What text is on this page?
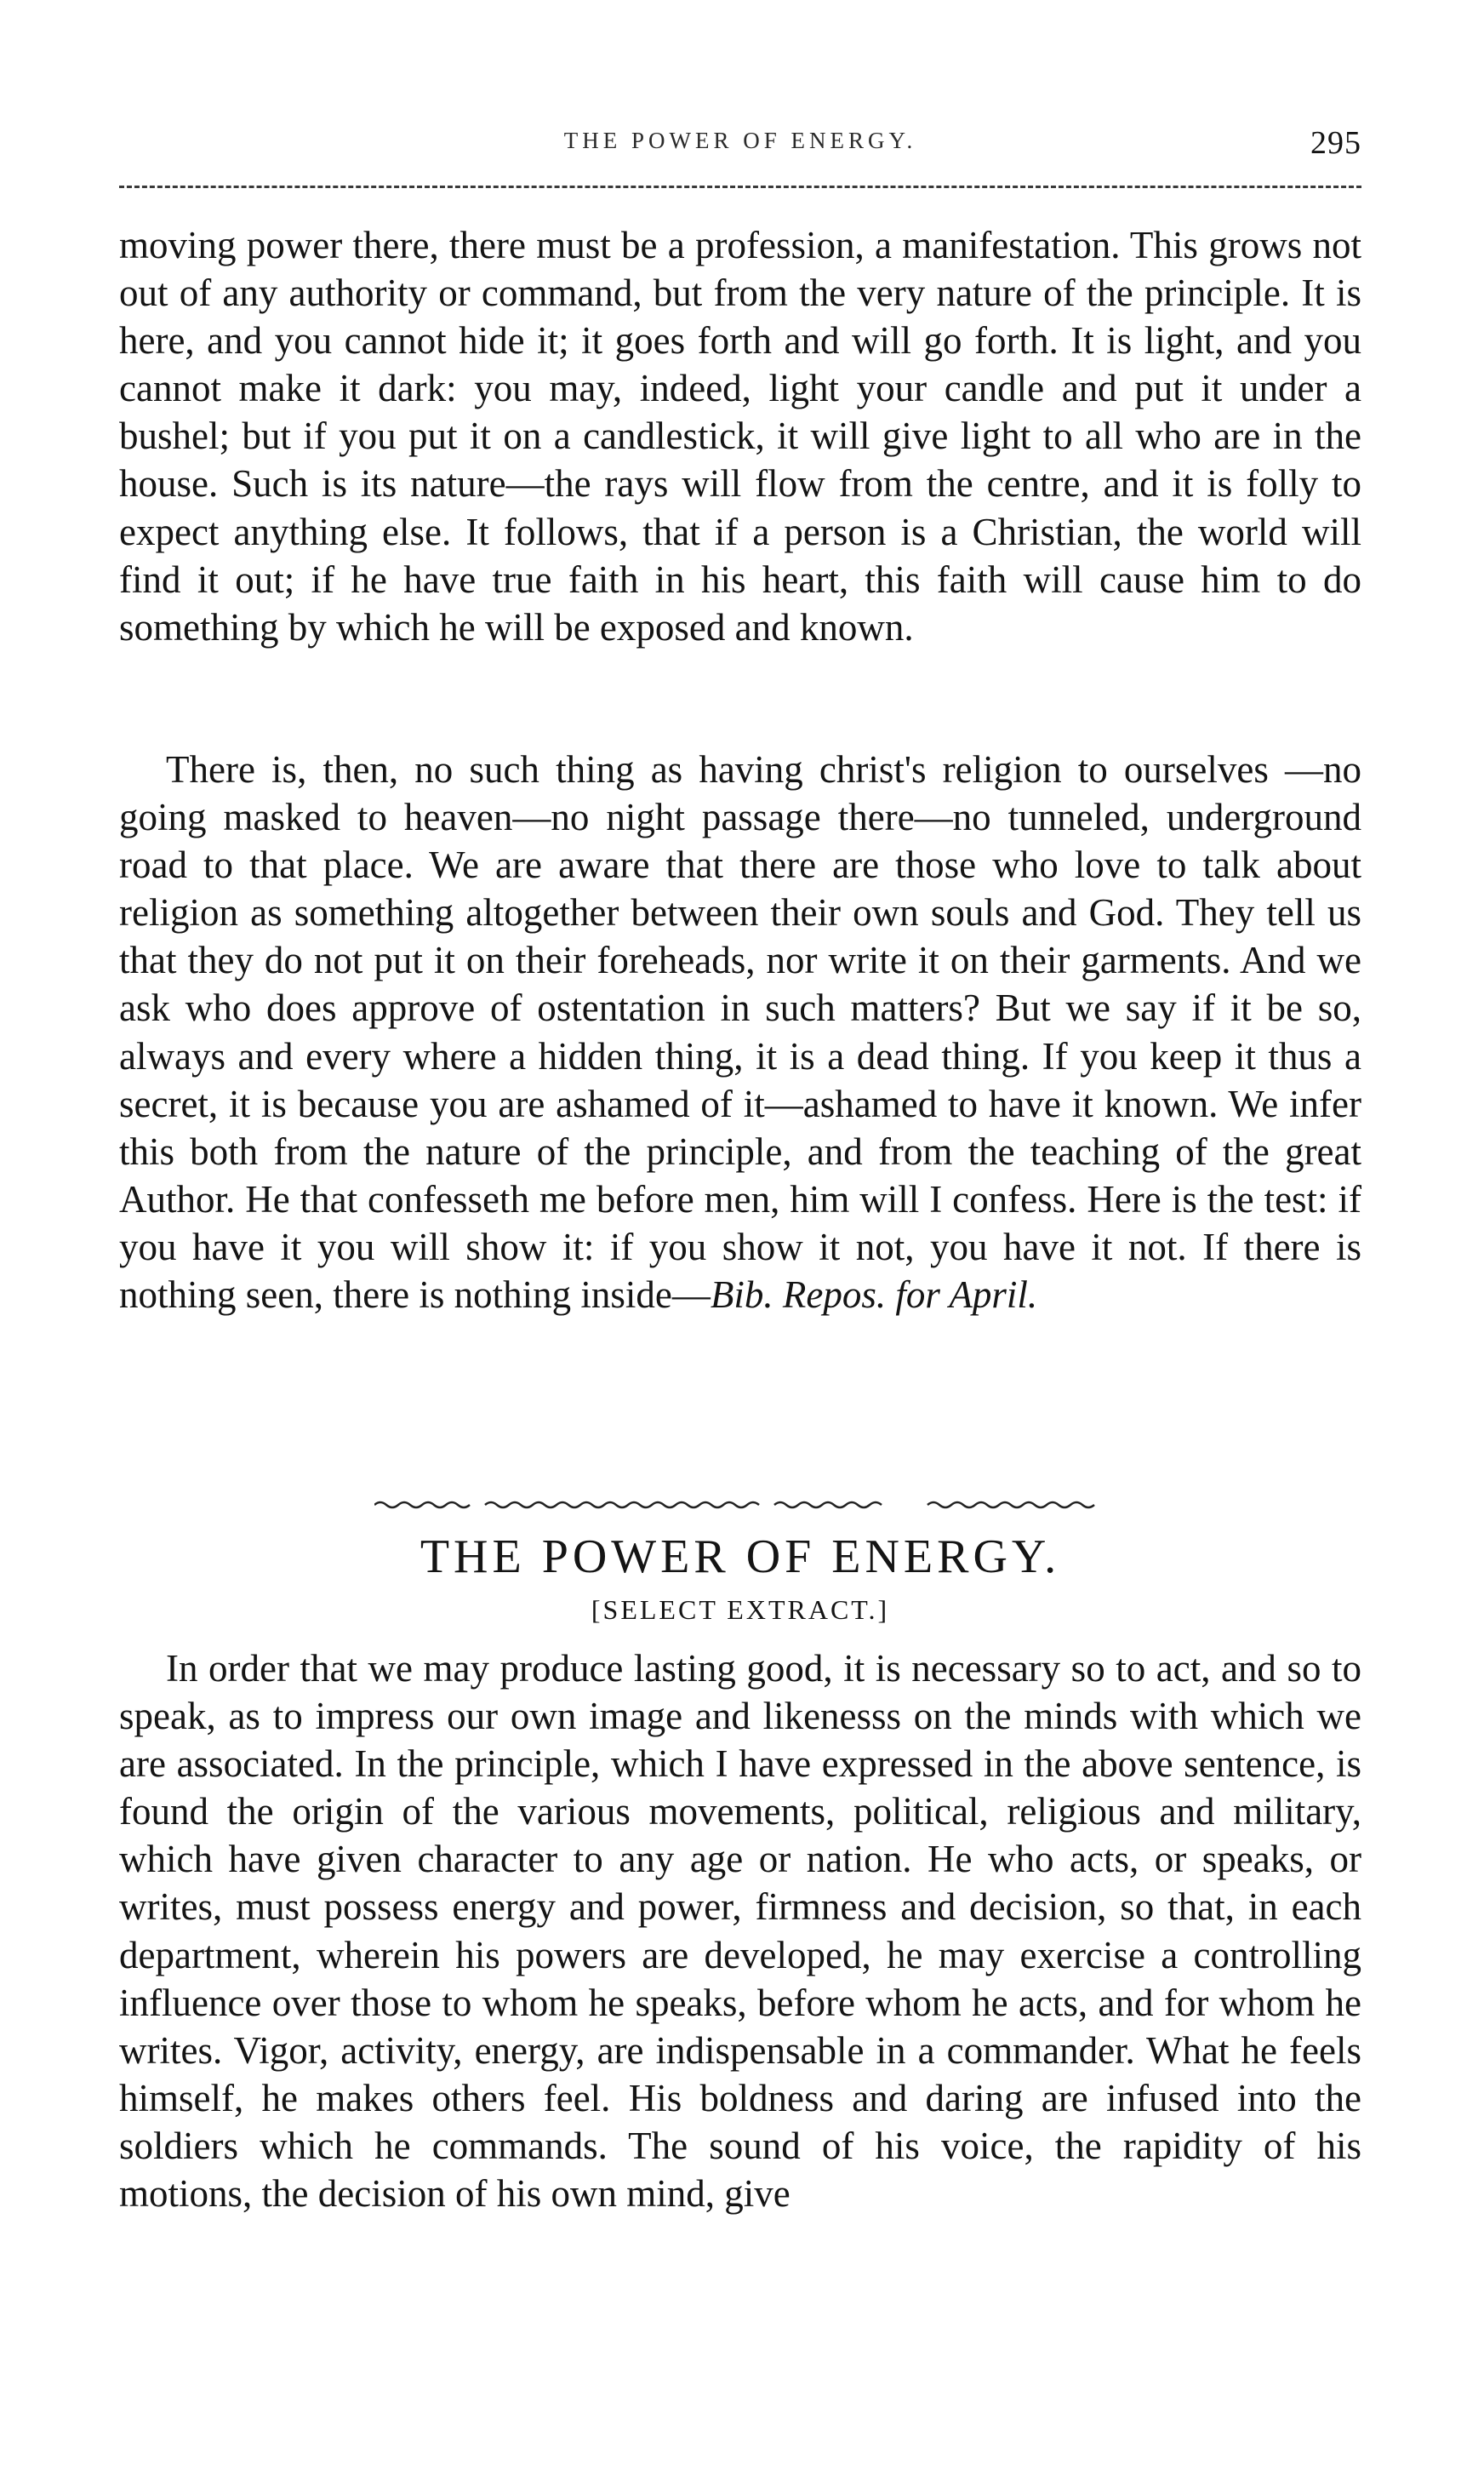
THE POWER OF ENERGY.	295

moving power there, there must be a profession, a manifestation. This grows not out of any authority or command, but from the very nature of the principle. It is here, and you cannot hide it; it goes forth and will go forth. It is light, and you cannot make it dark: you may, indeed, light your candle and put it under a bushel; but if you put it on a candlestick, it will give light to all who are in the house. Such is its nature—the rays will flow from the centre, and it is folly to expect anything else. It follows, that if a person is a Christian, the world will find it out; if he have true faith in his heart, this faith will cause him to do something by which he will be exposed and known.

There is, then, no such thing as having christ's religion to ourselves —no going masked to heaven—no night passage there—no tunneled, underground road to that place. We are aware that there are those who love to talk about religion as something altogether between their own souls and God. They tell us that they do not put it on their foreheads, nor write it on their garments. And we ask who does approve of ostentation in such matters? But we say if it be so, always and every where a hidden thing, it is a dead thing. If you keep it thus a secret, it is because you are ashamed of it—ashamed to have it known. We infer this both from the nature of the principle, and from the teaching of the great Author. He that confesseth me before men, him will I confess. Here is the test: if you have it you will show it: if you show it not, you have it not. If there is nothing seen, there is nothing inside—Bib. Repos. for April.

THE POWER OF ENERGY.
[SELECT EXTRACT.]

In order that we may produce lasting good, it is necessary so to act, and so to speak, as to impress our own image and likenesss on the minds with which we are associated. In the principle, which I have expressed in the above sentence, is found the origin of the various movements, political, religious and military, which have given character to any age or nation. He who acts, or speaks, or writes, must possess energy and power, firmness and decision, so that, in each department, wherein his powers are developed, he may exercise a controlling influence over those to whom he speaks, before whom he acts, and for whom he writes. Vigor, activity, energy, are indispensable in a commander. What he feels himself, he makes others feel. His boldness and daring are infused into the soldiers which he commands. The sound of his voice, the rapidity of his motions, the decision of his own mind, give
